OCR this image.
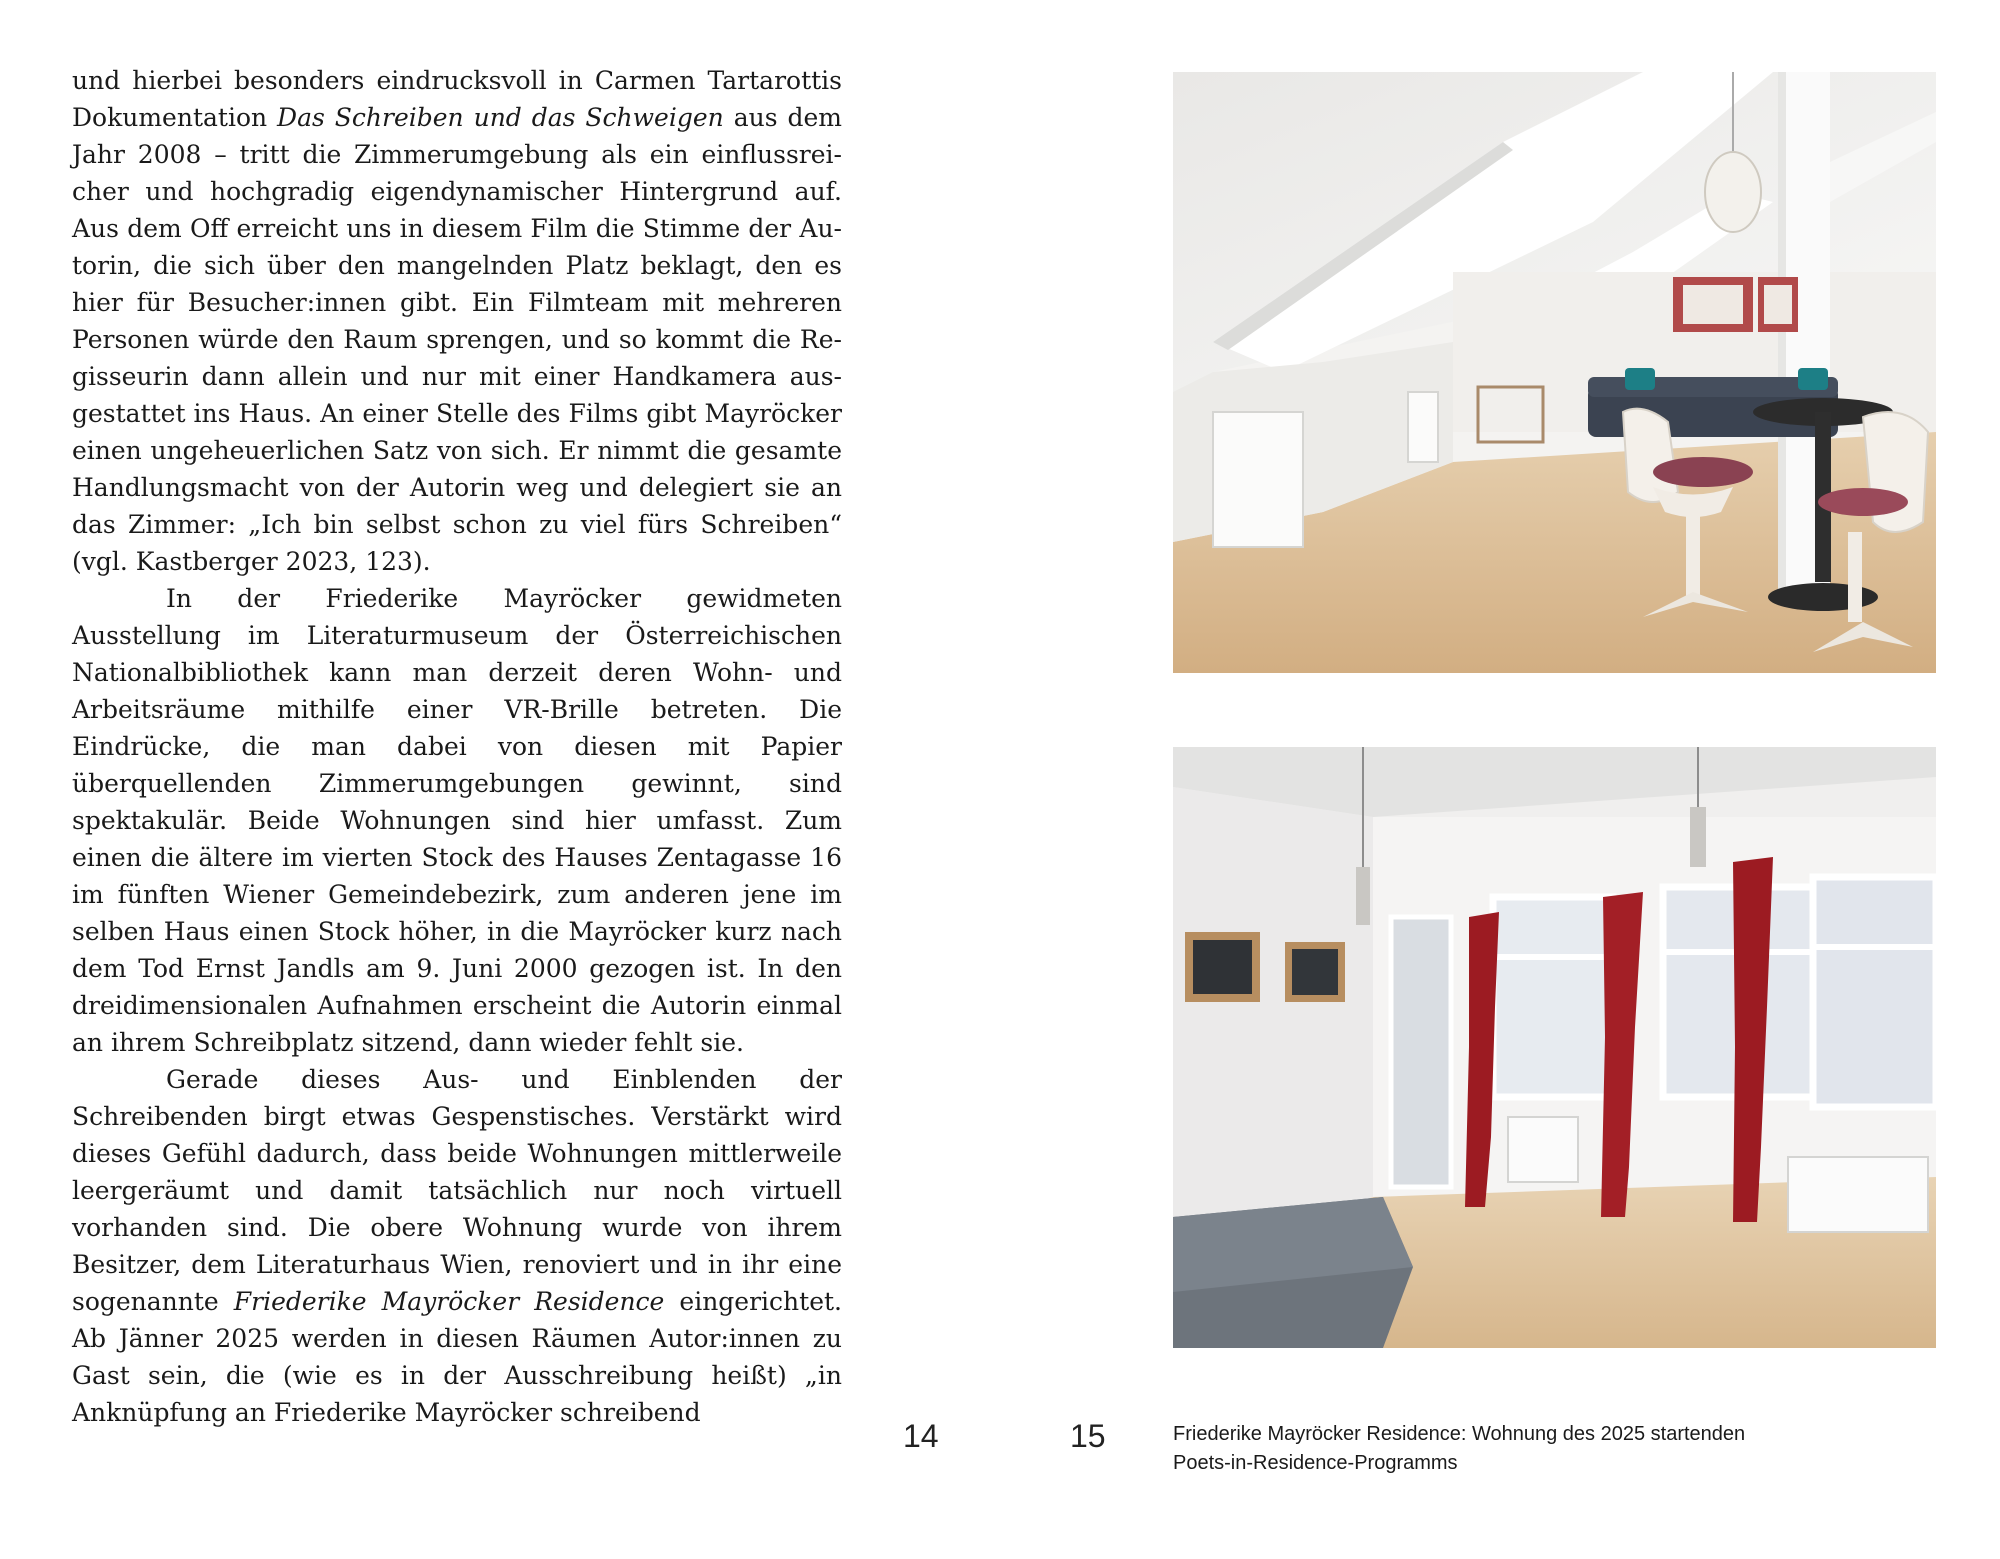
und hierbei besonders eindrucksvoll in Carmen Tartarottis Dokumentation Das Schreiben und das Schweigen aus dem Jahr 2008 – tritt die Zimmerumgebung als ein einflussreicher und hochgradig eigendynamischer Hintergrund auf. Aus dem Off erreicht uns in diesem Film die Stimme der Autorin, die sich über den mangelnden Platz beklagt, den es hier für Besucher:innen gibt. Ein Filmteam mit mehreren Personen würde den Raum sprengen, und so kommt die Regisseurin dann allein und nur mit einer Handkamera ausgestattet ins Haus. An einer Stelle des Films gibt Mayröcker einen ungeheuerlichen Satz von sich. Er nimmt die gesamte Handlungsmacht von der Autorin weg und delegiert sie an das Zimmer: „Ich bin selbst schon zu viel fürs Schreiben“ (vgl. Kastberger 2023, 123).

In der Friederike Mayröcker gewidmeten Ausstellung im Literaturmuseum der Österreichischen Nationalbibliothek kann man derzeit deren Wohn- und Arbeitsräume mithilfe einer VR-Brille betreten. Die Eindrücke, die man dabei von diesen mit Papier überquellenden Zimmerumgebungen gewinnt, sind spektakulär. Beide Wohnungen sind hier umfasst. Zum einen die ältere im vierten Stock des Hauses Zentagasse 16 im fünften Wiener Gemeindebezirk, zum anderen jene im selben Haus einen Stock höher, in die Mayröcker kurz nach dem Tod Ernst Jandls am 9. Juni 2000 gezogen ist. In den dreidimensionalen Aufnahmen erscheint die Autorin einmal an ihrem Schreibplatz sitzend, dann wieder fehlt sie.

Gerade dieses Aus- und Einblenden der Schreibenden birgt etwas Gespenstisches. Verstärkt wird dieses Gefühl dadurch, dass beide Wohnungen mittlerweile leergeräumt und damit tatsächlich nur noch virtuell vorhanden sind. Die obere Wohnung wurde von ihrem Besitzer, dem Literaturhaus Wien, renoviert und in ihr eine sogenannte Friederike Mayröcker Residence eingerichtet. Ab Jänner 2025 werden in diesen Räumen Autor:innen zu Gast sein, die (wie es in der Ausschreibung heißt) „in Anknüpfung an Friederike Mayröcker schreibend

14	15	Friederike Mayröcker Residence: Wohnung des 2025 startenden
Poets-in-Residence-Programms
